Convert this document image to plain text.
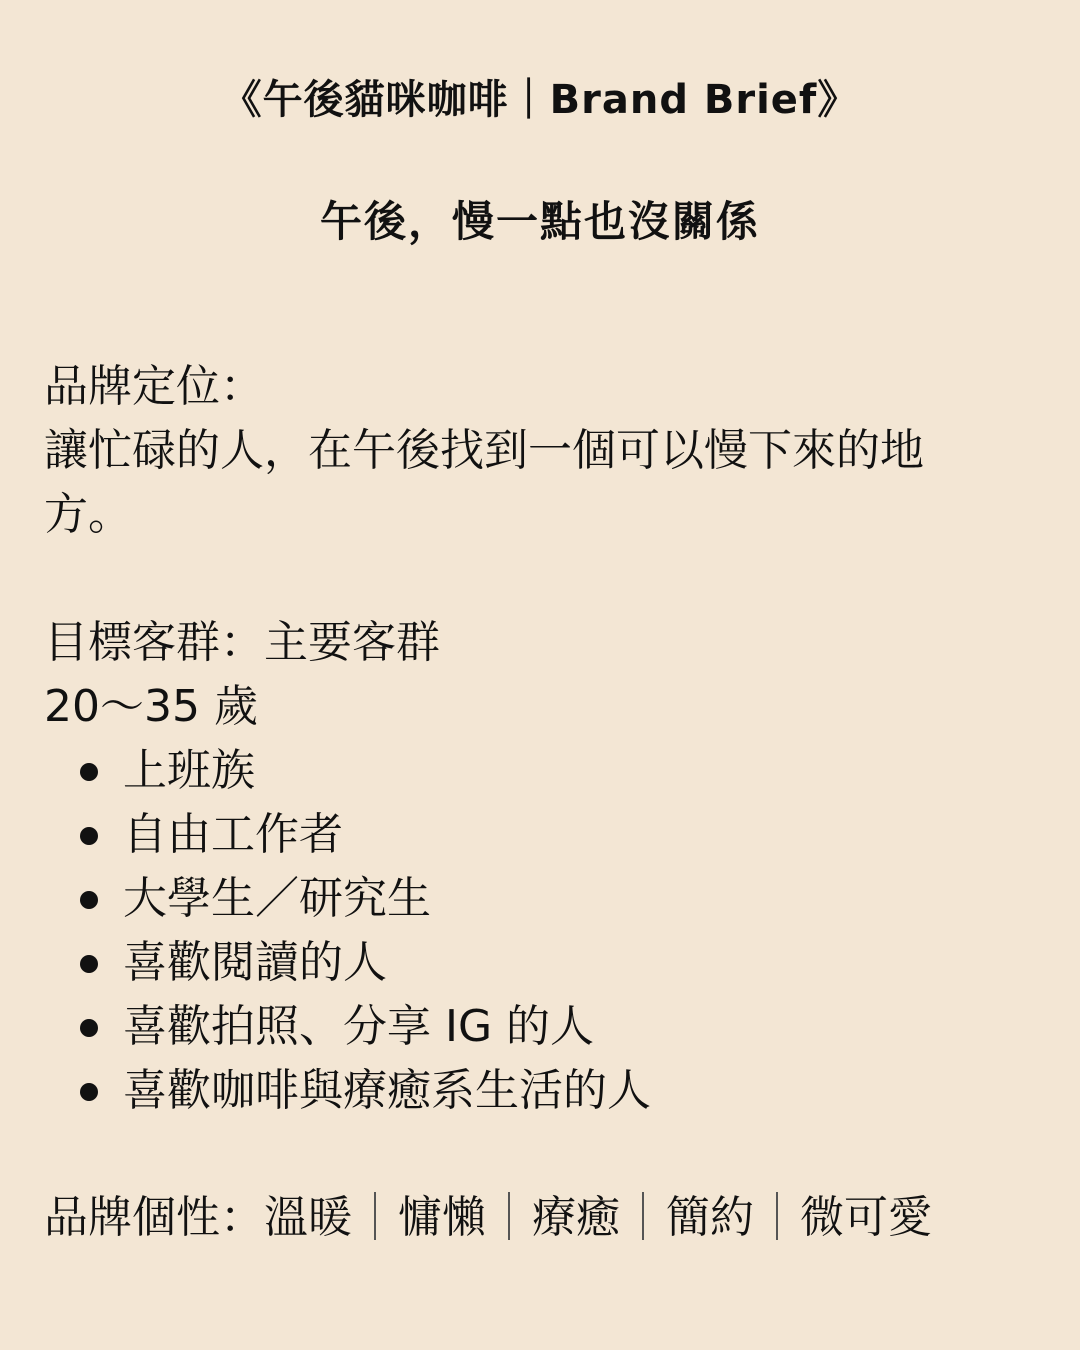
《午後貓咪咖啡｜Brand Brief》
午後，慢一點也沒關係
品牌定位：
讓忙碌的人，在午後找到一個可以慢下來的地方。
目標客群：主要客群
20～35 歲
上班族
自由工作者
大學生／研究生
喜歡閱讀的人
喜歡拍照、分享 IG 的人
喜歡咖啡與療癒系生活的人
品牌個性：溫暖 慵懶 療癒 簡約 微可愛
